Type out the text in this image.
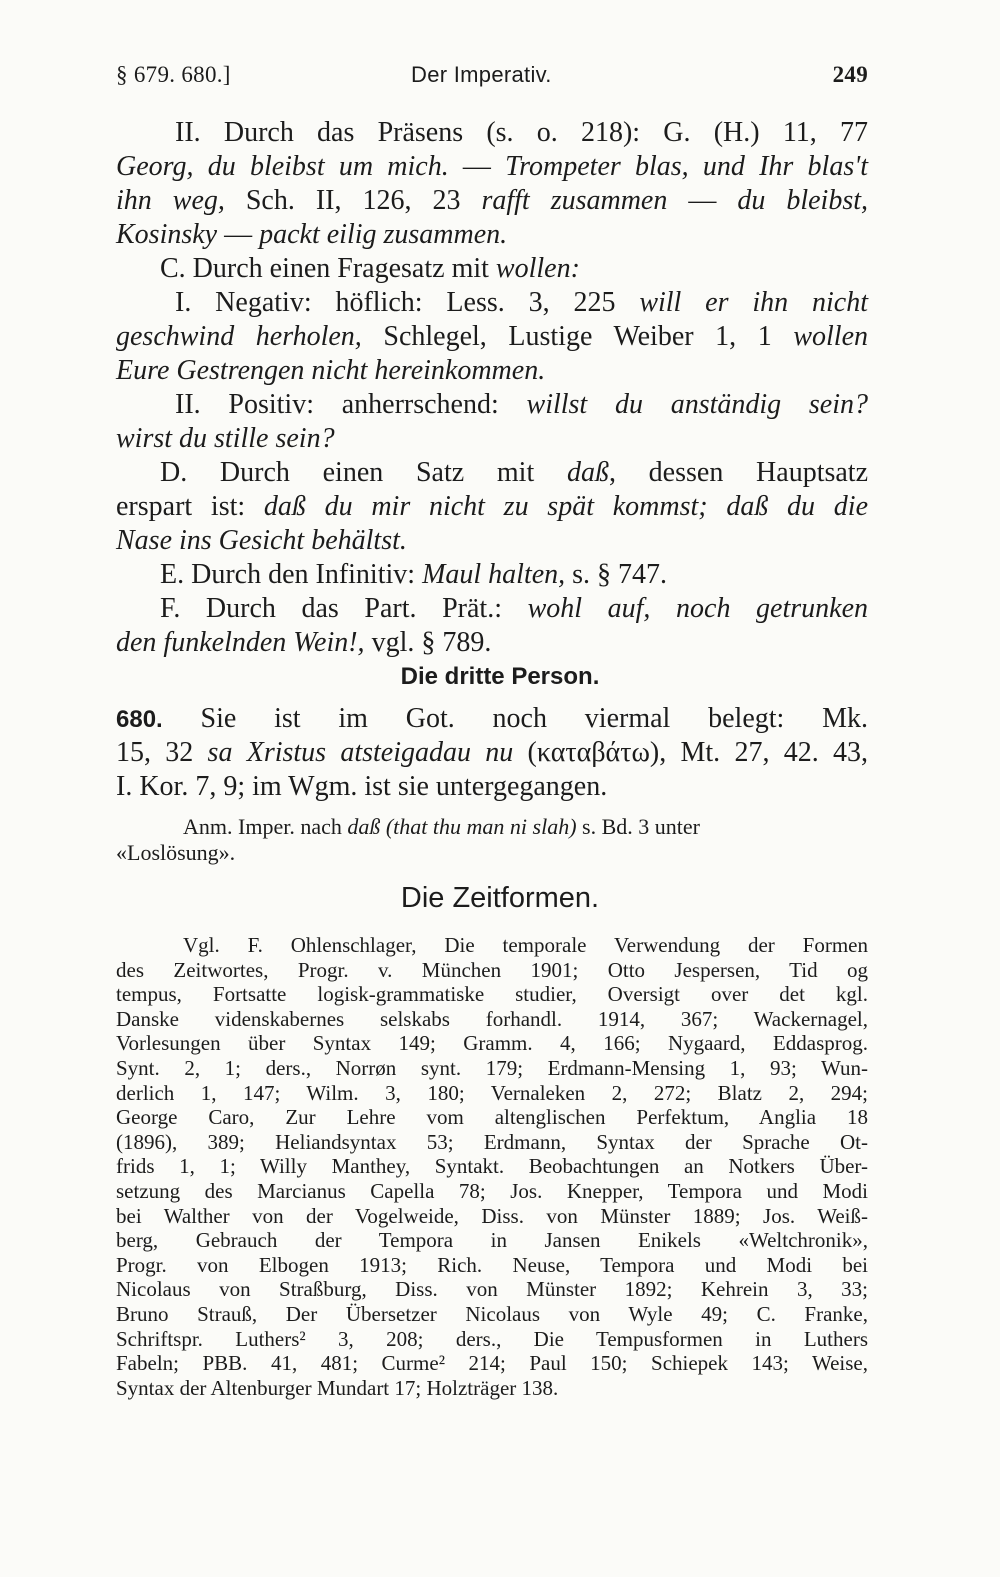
§ 679. 680.]	Der Imperativ.	249
II. Durch das Präsens (s. o. 218): G. (H.) 11, 77
Georg, du bleibst um mich. — Trompeter blas, und Ihr blas't
ihn weg, Sch. II, 126, 23 rafft zusammen — du bleibst,
Kosinsky — packt eilig zusammen.
C. Durch einen Fragesatz mit wollen:
I. Negativ: höflich: Less. 3, 225 will er ihn nicht
geschwind herholen, Schlegel, Lustige Weiber 1, 1 wollen
Eure Gestrengen nicht hereinkommen.
II. Positiv: anherrschend: willst du anständig sein?
wirst du stille sein?
D. Durch einen Satz mit daß, dessen Hauptsatz
erspart ist: daß du mir nicht zu spät kommst; daß du die
Nase ins Gesicht behältst.
E. Durch den Infinitiv: Maul halten, s. § 747.
F. Durch das Part. Prät.: wohl auf, noch getrunken
den funkelnden Wein!, vgl. § 789.
Die dritte Person.
680. Sie ist im Got. noch viermal belegt: Mk.
15, 32 sa Xristus atsteigadau nu (καταβάτω), Mt. 27, 42. 43,
I. Kor. 7, 9; im Wgm. ist sie untergegangen.
Anm. Imper. nach daß (that thu man ni slah) s. Bd. 3 unter
«Loslösung».
Die Zeitformen.
Vgl. F. Ohlenschlager, Die temporale Verwendung der Formen
des Zeitwortes, Progr. v. München 1901; Otto Jespersen, Tid og
tempus, Fortsatte logisk-grammatiske studier, Oversigt over det kgl.
Danske videnskabernes selskabs forhandl. 1914, 367; Wackernagel,
Vorlesungen über Syntax 149; Gramm. 4, 166; Nygaard, Eddasprog.
Synt. 2, 1; ders., Norrøn synt. 179; Erdmann-Mensing 1, 93; Wun-
derlich 1, 147; Wilm. 3, 180; Vernaleken 2, 272; Blatz 2, 294;
George Caro, Zur Lehre vom altenglischen Perfektum, Anglia 18
(1896), 389; Heliandsyntax 53; Erdmann, Syntax der Sprache Ot-
frids 1, 1; Willy Manthey, Syntakt. Beobachtungen an Notkers Über-
setzung des Marcianus Capella 78; Jos. Knepper, Tempora und Modi
bei Walther von der Vogelweide, Diss. von Münster 1889; Jos. Weiß-
berg, Gebrauch der Tempora in Jansen Enikels «Weltchronik»,
Progr. von Elbogen 1913; Rich. Neuse, Tempora und Modi bei
Nicolaus von Straßburg, Diss. von Münster 1892; Kehrein 3, 33;
Bruno Strauß, Der Übersetzer Nicolaus von Wyle 49; C. Franke,
Schriftspr. Luthers² 3, 208; ders., Die Tempusformen in Luthers
Fabeln; PBB. 41, 481; Curme² 214; Paul 150; Schiepek 143; Weise,
Syntax der Altenburger Mundart 17; Holzträger 138.
